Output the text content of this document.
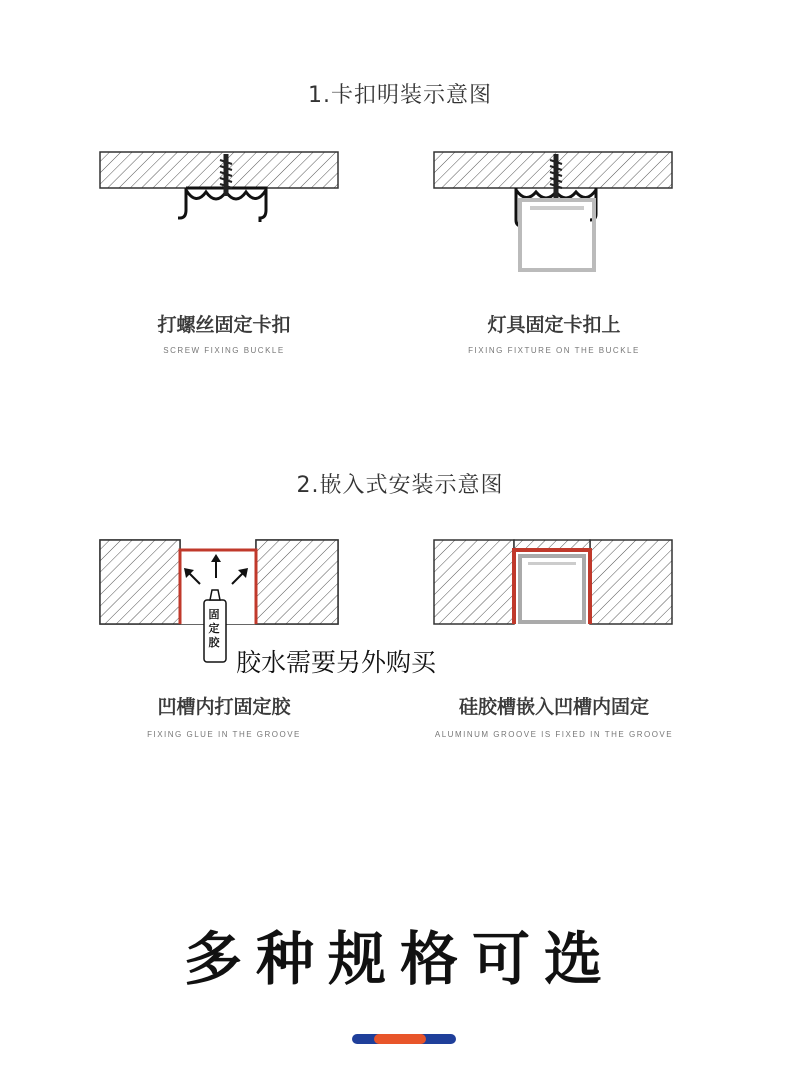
1.卡扣明装示意图
打螺丝固定卡扣
SCREW FIXING BUCKLE
灯具固定卡扣上
FIXING FIXTURE ON THE BUCKLE
2.嵌入式安装示意图
固定胶
胶水需要另外购买
凹槽内打固定胶
FIXING GLUE IN THE GROOVE
硅胶槽嵌入凹槽内固定
ALUMINUM GROOVE IS FIXED IN THE GROOVE
多种规格可选
